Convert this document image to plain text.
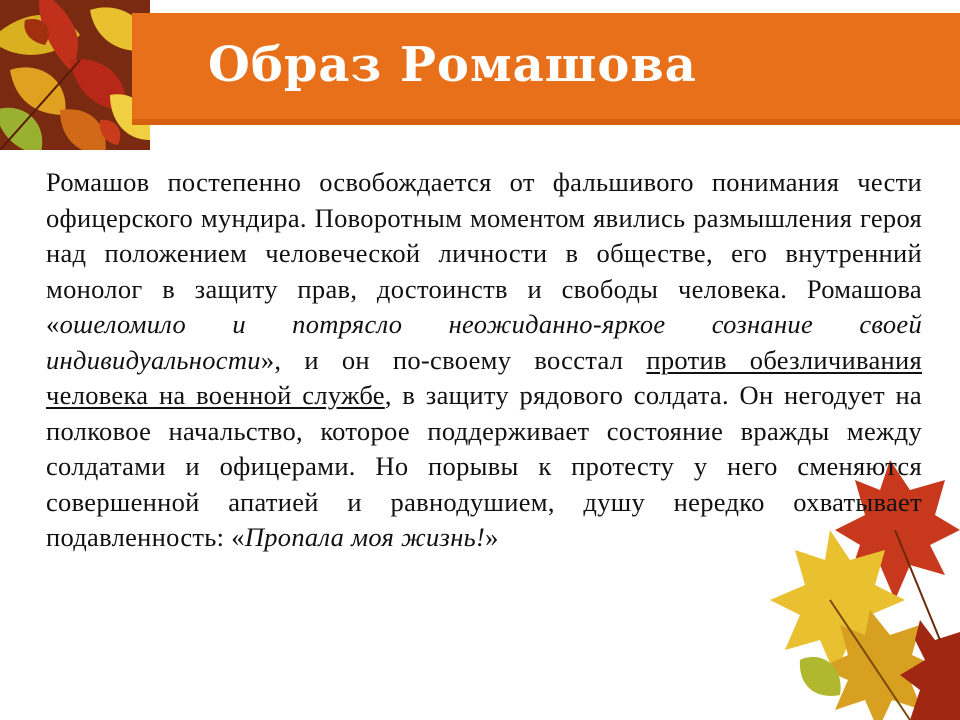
Образ Ромашова

Ромашов постепенно освобождается от фальшивого понимания чести офицерского мундира. Поворотным моментом явились размышления героя над положением человеческой личности в обществе, его внутренний монолог в защиту прав, достоинств и свободы человека. Ромашова «ошеломило и потрясло неожиданно-яркое сознание своей индивидуальности», и он по-своему восстал против обезличивания человека на военной службе, в защиту рядового солдата. Он негодует на полковое начальство, которое поддерживает состояние вражды между солдатами и офицерами. Но порывы к протесту у него сменяются совершенной апатией и равнодушием, душу нередко охватывает подавленность: «Пропала моя жизнь!»
